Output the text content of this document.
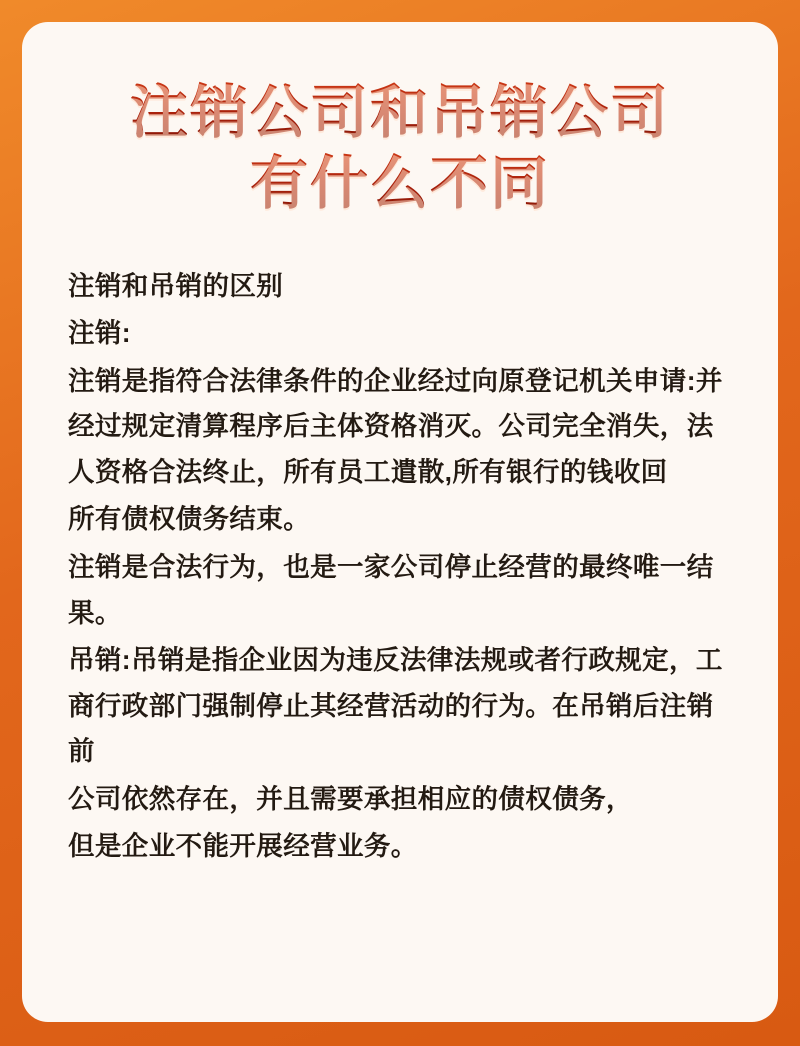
注销公司和吊销公司
有什么不同

注销和吊销的区别

注销:

注销是指符合法律条件的企业经过向原登记机关申请:并经过规定清算程序后主体资格消灭。公司完全消失，法人资格合法终止，所有员工遣散,所有银行的钱收回

所有债权债务结束。

注销是合法行为，也是一家公司停止经营的最终唯一结果。

吊销:吊销是指企业因为违反法律法规或者行政规定，工商行政部门强制停止其经营活动的行为。在吊销后注销前

公司依然存在，并且需要承担相应的债权债务，

但是企业不能开展经营业务。
